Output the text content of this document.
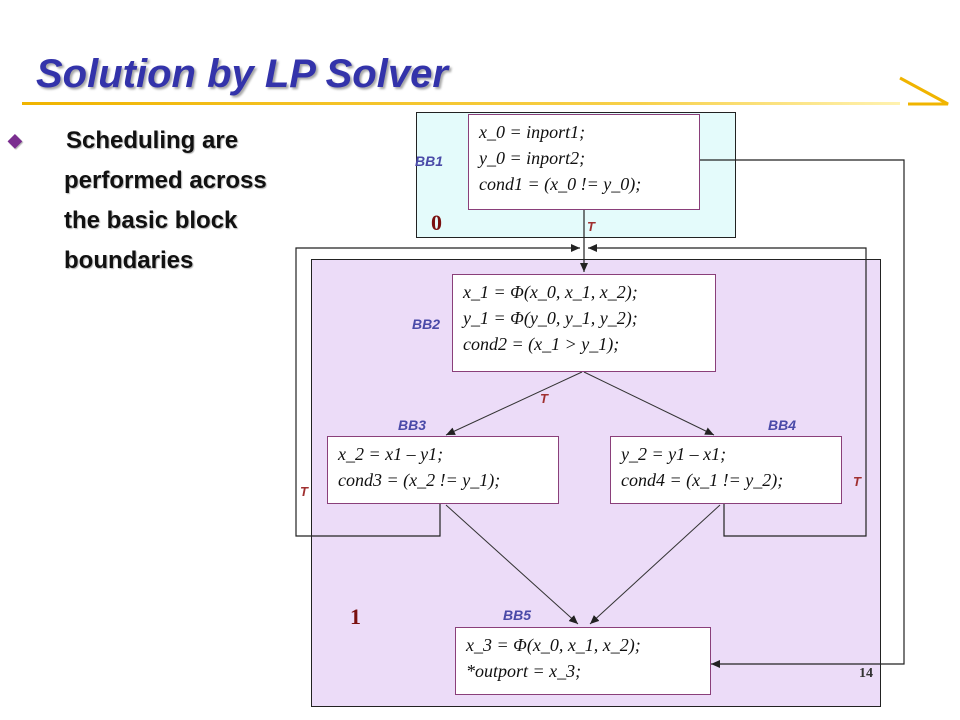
Solution by LP Solver
◆ Scheduling are
performed across
the basic block
boundaries
x_0 = inport1;
y_0 = inport2;
cond1 = (x_0 != y_0);
x_1 = Φ(x_0, x_1, x_2);
y_1 = Φ(y_0, y_1, y_2);
cond2 = (x_1 > y_1);
x_2 = x1 – y1;
cond3 = (x_2 != y_1);
y_2 = y1 – x1;
cond4 = (x_1 != y_2);
x_3 = Φ(x_0, x_1, x_2);
*outport = x_3;
BB1
BB2
BB3	BB4
BB5
T
T
T
T
0
1
14
